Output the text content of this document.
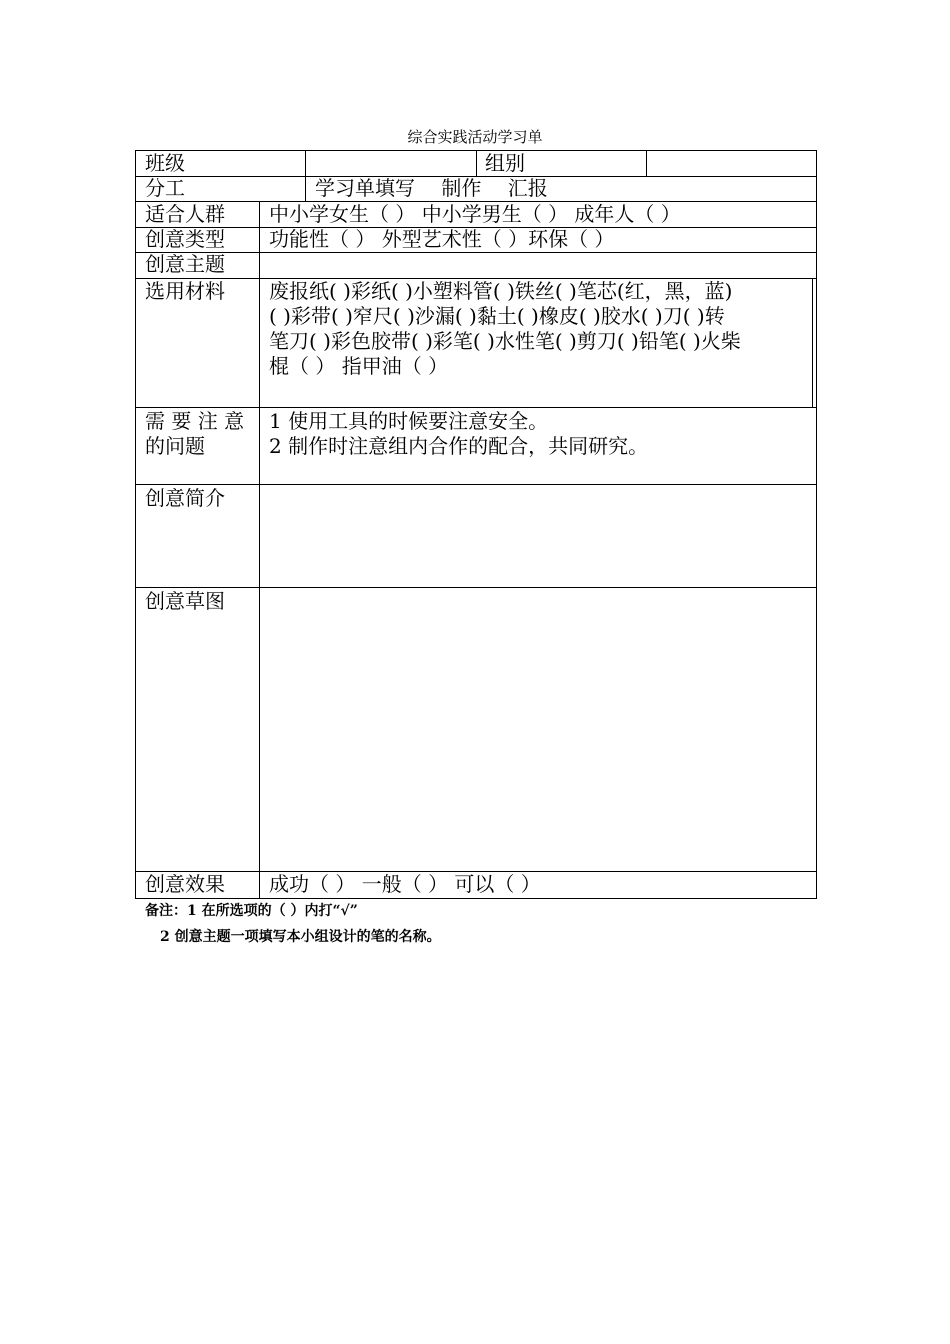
综合实践活动学习单
班级	组别
分工	学习单填写　 制作　 汇报
适合人群 中小学女生（ ） 中小学男生（ ） 成年人（ ）
创意类型 功能性（ ） 外型艺术性（ ）环保（ ）
创意主题
选用材料 废报纸( )彩纸( )小塑料管( )铁丝( )笔芯(红，黑，蓝)
( )彩带( )窄尺( )沙漏( )黏土( )橡皮( )胶水( )刀( )转
笔刀( )彩色胶带( )彩笔( )水性笔( )剪刀( )铅笔( )火柴
棍（ ） 指甲油（ ）
需 要 注 意
的问题
1 使用工具的时候要注意安全。
2 制作时注意组内合作的配合，共同研究。
创意简介
创意草图
创意效果 成功（ ） 一般（ ） 可以（ ）
备注：1 在所选项的（ ）内打“√”
2 创意主题一项填写本小组设计的笔的名称。
